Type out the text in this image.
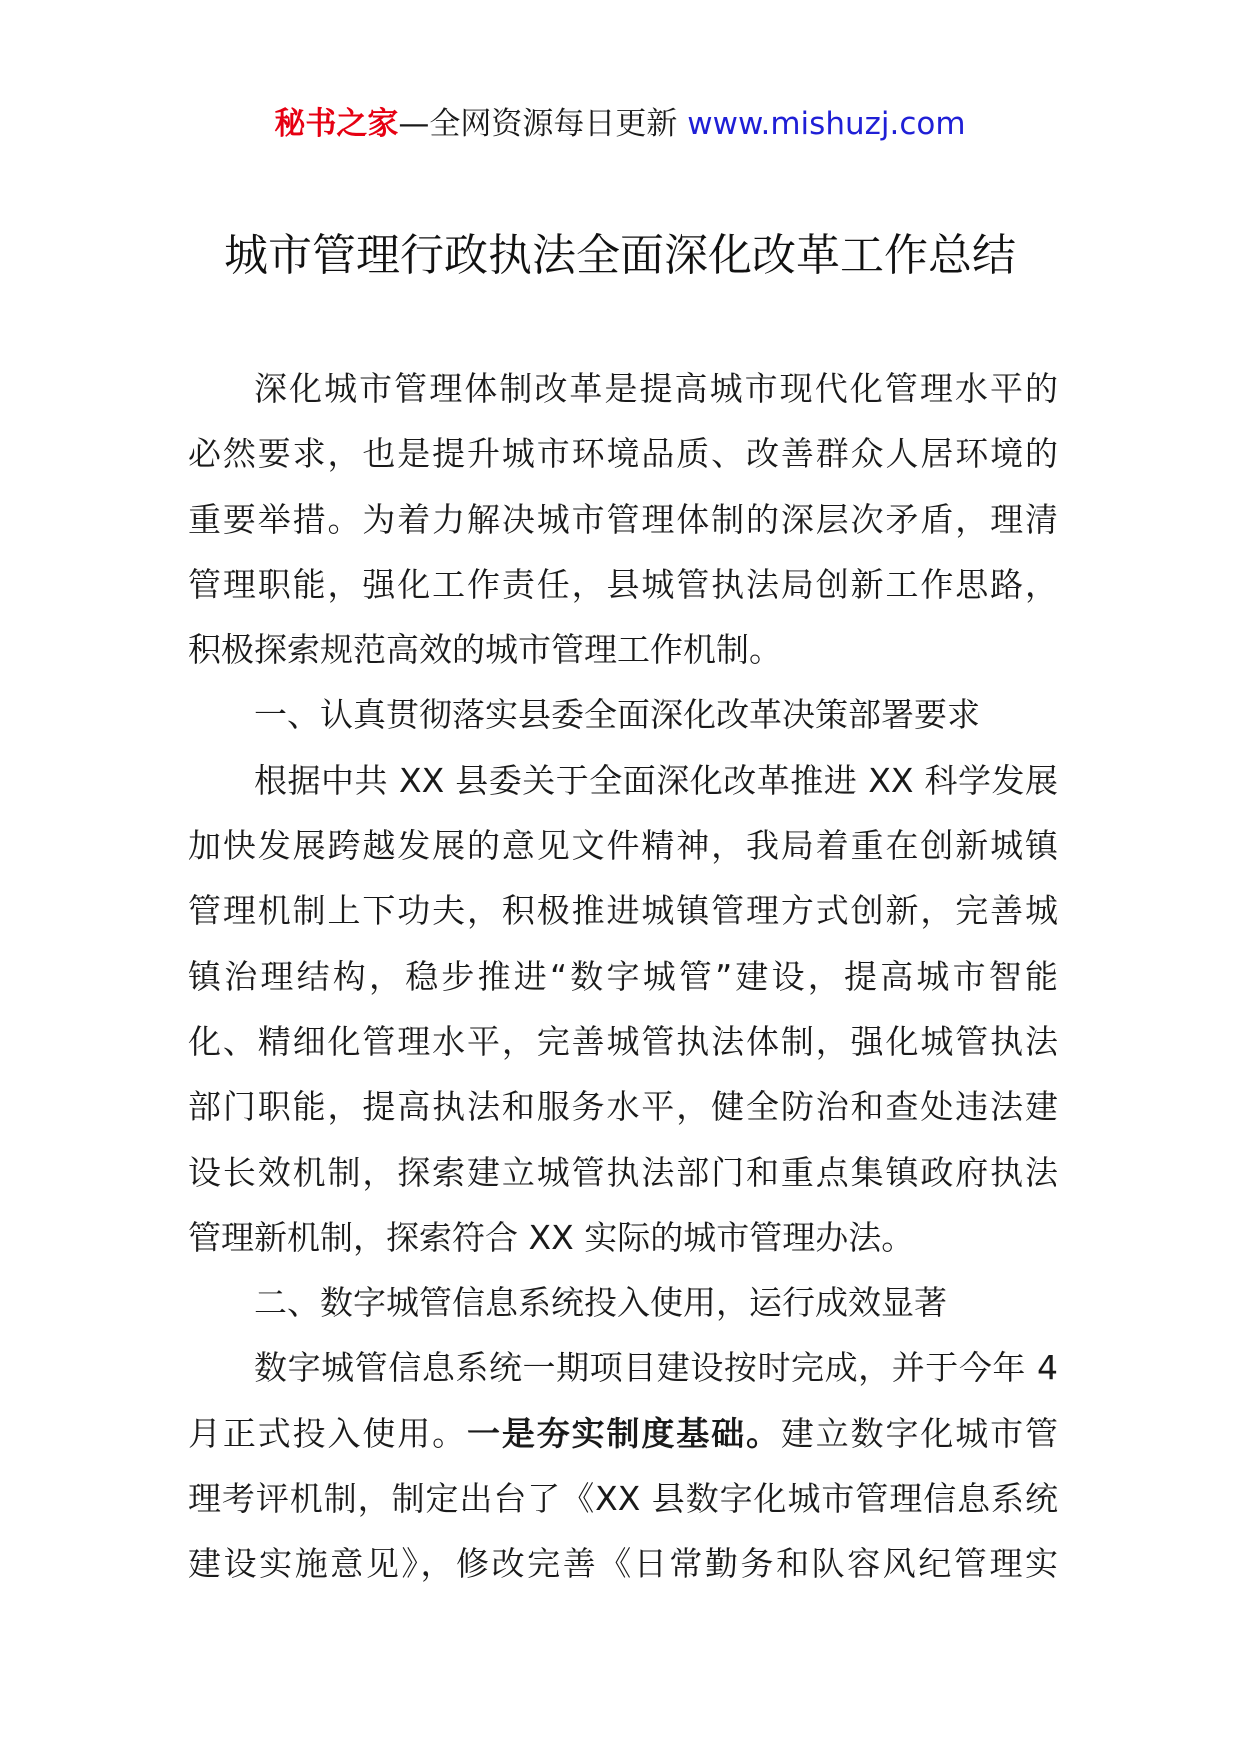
秘书之家—全网资源每日更新 www.mishuzj.com
城市管理行政执法全面深化改革工作总结
深化城市管理体制改革是提高城市现代化管理水平的
必然要求，也是提升城市环境品质、改善群众人居环境的
重要举措。为着力解决城市管理体制的深层次矛盾，理清
管理职能，强化工作责任，县城管执法局创新工作思路，
积极探索规范高效的城市管理工作机制。
一、认真贯彻落实县委全面深化改革决策部署要求
根据中共 XX 县委关于全面深化改革推进 XX 科学发展
加快发展跨越发展的意见文件精神，我局着重在创新城镇
管理机制上下功夫，积极推进城镇管理方式创新，完善城
镇治理结构，稳步推进“数字城管”建设，提高城市智能
化、精细化管理水平，完善城管执法体制，强化城管执法
部门职能，提高执法和服务水平，健全防治和查处违法建
设长效机制，探索建立城管执法部门和重点集镇政府执法
管理新机制，探索符合 XX 实际的城市管理办法。
二、数字城管信息系统投入使用，运行成效显著
数字城管信息系统一期项目建设按时完成，并于今年 4
月正式投入使用。一是夯实制度基础。建立数字化城市管
理考评机制，制定出台了《XX 县数字化城市管理信息系统
建设实施意见》，修改完善《日常勤务和队容风纪管理实
